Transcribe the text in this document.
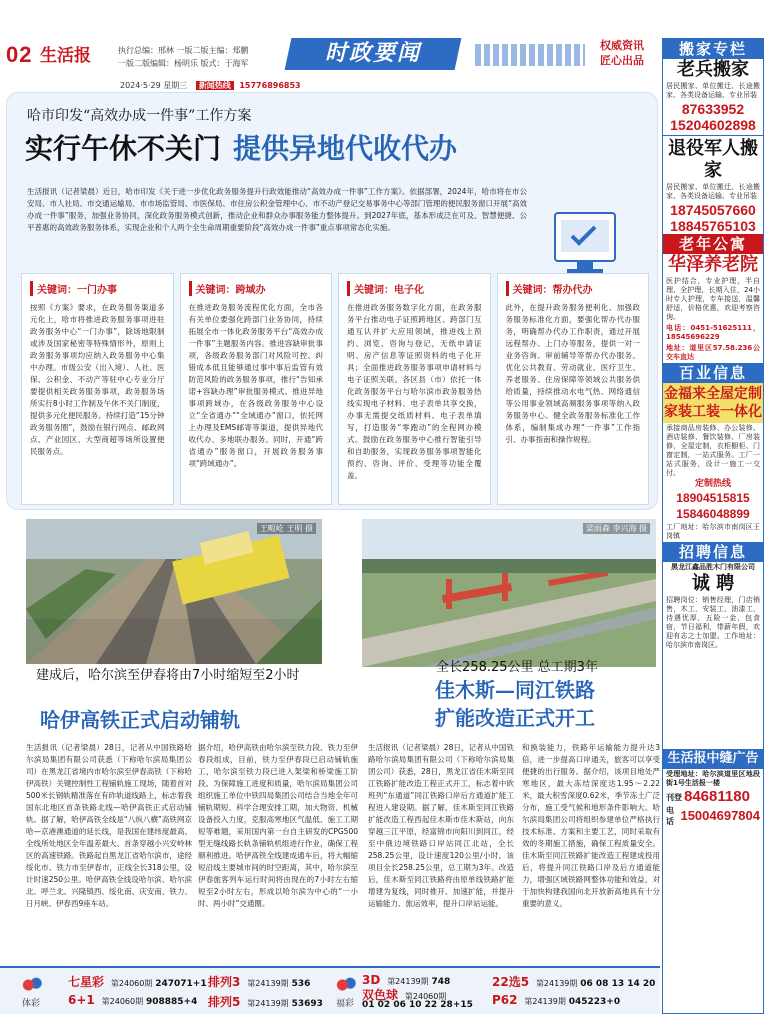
02 生活报	执行总编：邢林 一版二版主编：郑鹏
一版二版编辑：杨明乐 版式：于海军	时政要闻	权威资讯
匠心出品
2024·5·29 星期三 新闻热线 15776896853
哈市印发“高效办成一件事”工作方案
实行午休不关门 提供异地代收代办
生活报讯（记者梁晨）近日，哈市印发《关于进一步优化政务服务提升行政效能推动“高效办成一件事”工作方案》。依据部署，2024年，哈市将在市公安局、市人社局、市交通运输局、市市场监管局、市医保局、市住房公积金管理中心、市不动产登记交易事务中心等部门管理的便民服务窗口开展“高效办成一件事”服务，加强业务协同，深化政务服务模式创新，推动企业和群众办事服务能力整体提升。到2027年底，基本形成泛在可及、智慧便捷、公平普惠的高效政务服务体系，实现企业和个人两个全生命周期重要阶段“高效办成一件事”重点事项常态化实施。
关键词：一门办事
按照《方案》要求，在政务服务渠道多元化上，哈市将推进政务服务事项进驻政务服务中心“一门办事”，除场地限制或涉及国家秘密等特殊情形外，原则上政务服务事项均应纳入政务服务中心集中办理。市级公安（出入境）、人社、医保、公积金、不动产等驻中心专业分厅要提供相关政务服务事项，政务服务场所实行8小时工作制及午休不关门制度，提供多元化便民服务。持续打造“15分钟政务服务圈”，鼓励在银行网点、邮政网点、产业园区、大型商超等场所设置便民服务点。
关键词：跨域办
在推进政务服务流程优化方面，全市各有关单位要强化跨部门业务协同，持续拓展全市一体化政务服务平台“高效办成一件事”主题服务内容。推进容缺审批事项，各级政务服务部门对风险可控、纠错成本低且能够通过事中事后监管有效防范风险的政务服务事项，推行“告知承诺+容缺办理”审批服务模式。推进异地事项跨域办，在各级政务服务中心设立“全省通办”“全域通办”窗口，依托网上办理及EMS邮寄等渠道，提供异地代收代办、多地联办服务。同时，开通“跨省通办”服务窗口，开展政务服务事项“跨域通办”。
关键词：电子化
在推进政务服务数字化方面，在政务服务平台推动电子证照跨地区、跨部门互通互认并扩大应用领域，推进线上预约、浏览、咨询与登记，无纸申请证明、房产信息等证照资料的电子化开具；全面推进政务服务事项申请材料与电子证照关联。各区县（市）依托一体化政务服务平台与哈尔滨市政务服务热线实现电子材料、电子表单共享交换，办事无需提交纸质材料、电子表单填写，打造服务“零跑动”的全程网办模式。鼓励在政务服务中心推行智能引导和自助服务，实现政务服务事项智能化预约、咨询、评价、受理等功能全覆盖。
关键词：帮办代办
此外，在提升政务服务便利化、加强政务服务标准化方面，要强化帮办代办服务，明确帮办代办工作职责，通过开展远程帮办、上门办等服务，提供一对一业务咨询、审前辅导等帮办代办服务。优化公共教育、劳动就业、医疗卫生、养老服务、住房保障等领域公共服务供给质量，持续推动水电气热、网络通信等公用事业领域高频服务事项等纳入政务服务中心。健全政务服务标准化工作体系，编制集成办理“一件事”工作指引、办事指南和操作规程。
王畈屹 王明 摄	梁雨森 李兴海 摄
建成后，哈尔滨至伊春将由7小时缩短至2小时
哈伊高铁正式启动铺轨
全长258.25公里 总工期3年
佳木斯—同江铁路
扩能改造正式开工
生活报讯（记者梁晨）28日，记者从中国铁路哈尔滨局集团有限公司获悉（下称哈尔滨局集团公司）在黑龙江省境内市哈尔滨至伊春高铁（下称哈伊高铁）关键控制性工程铺轨施工现场，随着首对500米长钢轨精准落在有砟轨道线路上，标志着我国东北地区首条铁路北线—哈伊高铁正式启动铺轨。据了解，哈伊高铁全线是“八纵八横”高铁网京哈—京港澳通道的延长线，是我国在建纬度最高、全线所处地区全年温差最大、首条穿越小兴安岭林区的高速铁路。铁路起自黑龙江省哈尔滨市，途经绥化市、铁力市至伊春市，正线全长318公里，设计时速250公里。哈伊高铁全线设哈尔滨、哈尔滨北、呼兰北、兴隆镇西、绥化南、庆安南、铁力、日月峡、伊春西9座车站。
据介绍，哈伊高铁由哈尔滨至铁力段、铁力至伊春段组成，目前，铁力至伊春段已启动铺轨施工，哈尔滨至铁力段已进入架梁和桥梁施工阶段。为保障施工进度和质量，哈尔滨局集团公司组织施工单位中铁四局集团公司结合当地全年可铺轨期短、科学合理安排工期，加大物资、机械设备投入力度，克服高寒地区气温低、施工工期短等难题，采用国内第一台自主研发的CPG500型无缝线路长轨条铺轨机组进行作业，确保工程顺利推进。哈伊高铁全线建成通车后，将大幅缩短沿线主要城市间的时空距离，其中，哈尔滨至伊春旅客列车运行时间将由现在的7小时左右缩短至2小时左右，形成以哈尔滨为中心的“一小时、两小时”交通圈。
生活报讯（记者梁晨）28日，记者从中国铁路哈尔滨局集团有限公司（下称哈尔滨局集团公司）获悉，28日，黑龙江省佳木斯至同江铁路扩能改造工程正式开工，标志着中欧班列“东通道”同江铁路口岸后方通道扩能工程进入建设期。据了解，佳木斯至同江铁路扩能改造工程西起佳木斯市佳木斯站，向东穿越三江平原，经富锦市向阳川到同江，经至中俄边境铁路口岸站同江北站，全长258.25公里，设计速度120公里/小时。该项目全长258.25公里，总工期为3年。改造后，佳木斯至同江铁路将由原单线铁路扩能增建为复线，同时推开、加速扩能，并提升运输能力、旅运效率，提升口岸站运能。
和换装能力，铁路年运输能力提升达3倍，进一步提高口岸通关，旅客可以享受便捷的出行服务。据介绍，该项目地处严寒地区，最大冻结深度达1.95～2.22米，最大积雪深度0.62米，季节冻土广泛分布，施工受气候和地形条件影响大。哈尔滨局集团公司将组织参建单位严格执行技术标准、方案和主要工艺，同时采取有效的冬期施工措施，确保工程质量安全。佳木斯至同江铁路扩能改造工程建成投用后，将提升同江铁路口岸及后方通道能力，增强区域铁路网整体功能和效益，对于加快构建我国向北开放新高地具有十分重要的意义。
体彩
七星彩 第24060期 247071+1
6+1 第24060期 908885+4
排列3 第24139期 536
排列5 第24139期 53693	福彩
3D 第24139期 748
双色球 第24060期
01 02 06 10 22 28+15
22选5 第24139期 06 08 13 14 20
P62 第24139期 045223+0
搬家专栏
老兵搬家
居民搬家、单位搬迁、长途搬家、各类设备运输、专业吊装
87633952
15204602898
退役军人搬家
居民搬家、单位搬迁、长途搬家、各类设备运输、专业吊装
18745057660
18845765103
老年公寓
华泽养老院
医护结合，专业护理，半自理、全护理，长期入住，24小时专人护理，专车接送，温馨舒适，价格优惠，欢迎考察咨询。
电话：0451-51625111，18545696229
地址：道里区57.58.236公交车直达
百业信息
金福来全屋定制
家装工装一体化
承接商品房装修、办公装修、酒店装修、餐饮装修、厂房装修，全屋定制，衣柜橱柜、门窗定制，一站式服务。工厂一站式服务，设计一施工一交付。
定制热线
18904515815
15846048899
工厂地址：哈尔滨市南岗区王岗镇
招聘信息
黑龙江鑫品胜木门有限公司
诚 聘
招聘岗位：销售经理，门店销售，木工，安装工，油漆工，待遇优厚，五险一金，包食宿，节日福利，带薪年假，欢迎有志之士加盟。工作地址：哈尔滨市南岗区。
生活报中缝广告
受理地址：哈尔滨道里区地段街1号生活报一楼
刊登 84681180
电话 15004697804
